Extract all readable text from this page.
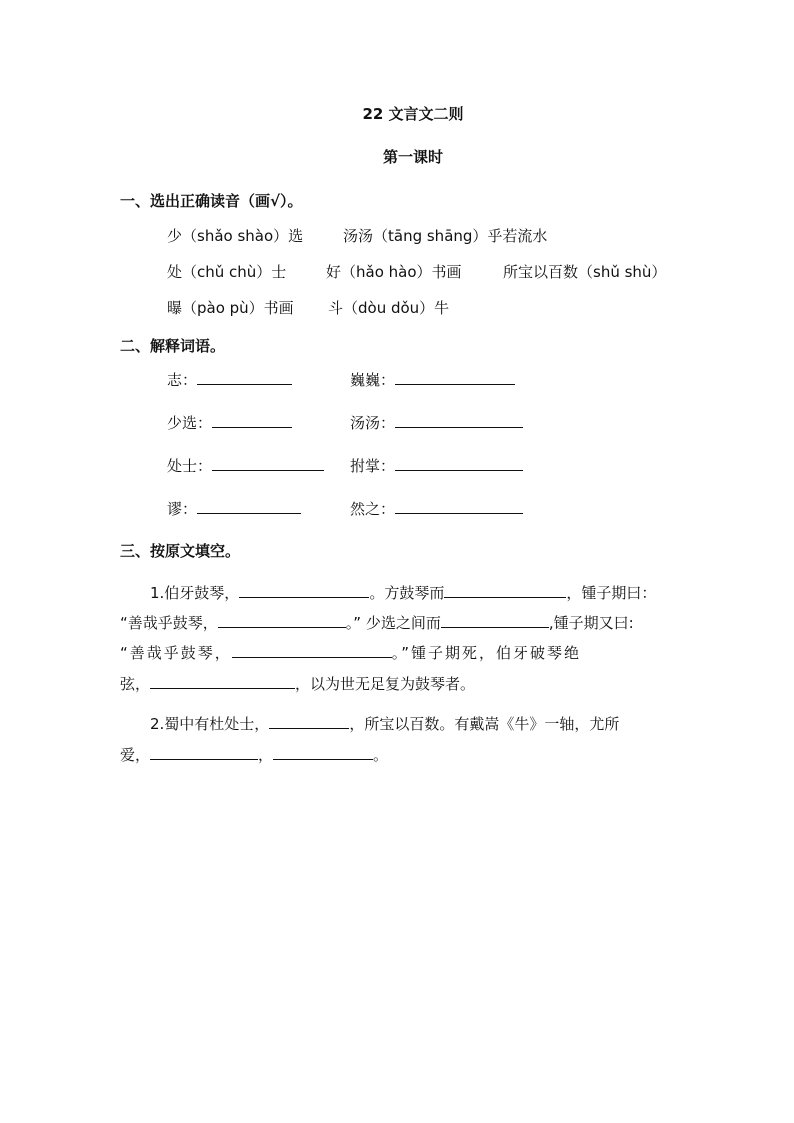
22 文言文二则
第一课时
一、选出正确读音（画√）。
少（shǎo shào）选	汤汤（tāng shāng）乎若流水
处（chǔ chù）士	好（hǎo hào）书画	所宝以百数（shǔ shù）
曝（pào pù）书画 斗（dòu dǒu）牛
二、解释词语。
志：	巍巍：
少选：	汤汤：
处士：	拊掌：
谬：	然之：
三、按原文填空。
1.伯牙鼓琴，	。方鼓琴而	，锺子期曰：
“善哉乎鼓琴，	。” 少选之间而	,锺子期又曰:
“善哉乎鼓琴，	。”锺子期死，伯牙破琴绝
弦，	，以为世无足复为鼓琴者。
2.蜀中有杜处士，	，所宝以百数。有戴嵩《牛》一轴，尤所
爱，	，	。
